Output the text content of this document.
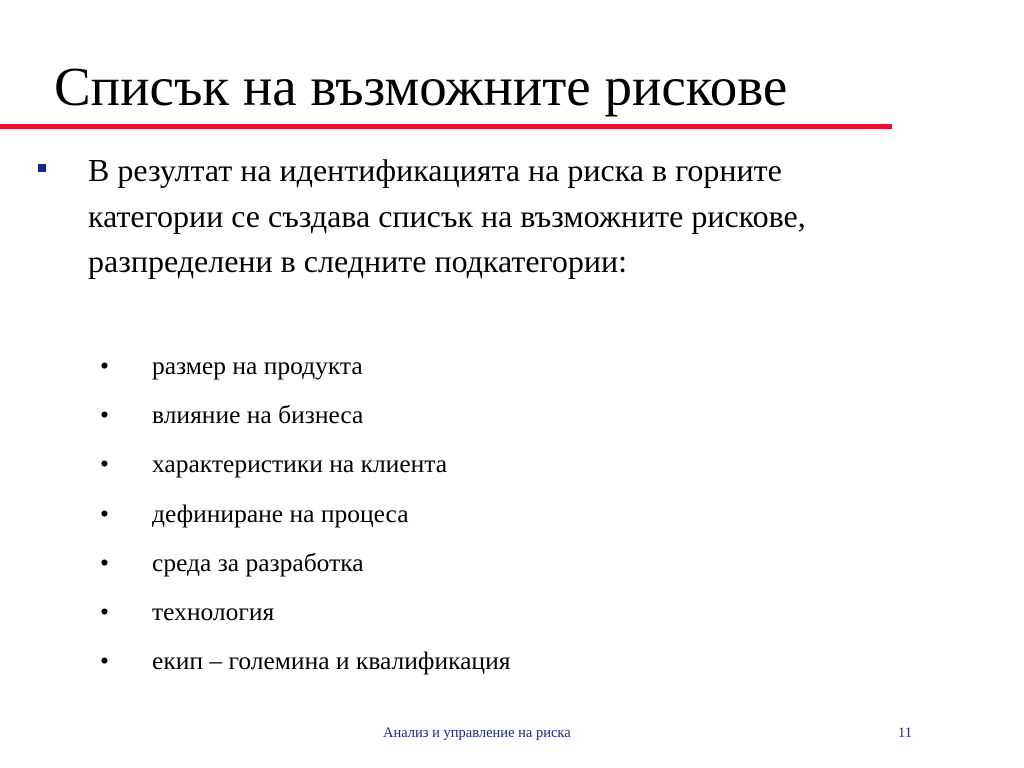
Списък на възможните рискове
В резултат на идентификацията на риска в горните категории се създава списък на възможните рискове, разпределени в следните подкатегории:
• размер на продукта
• влияние на бизнеса
• характеристики на клиента
• дефиниране на процеса
• среда за разработка
• технология
• екип – големина и квалификация
Анализ и управление на риска	11
